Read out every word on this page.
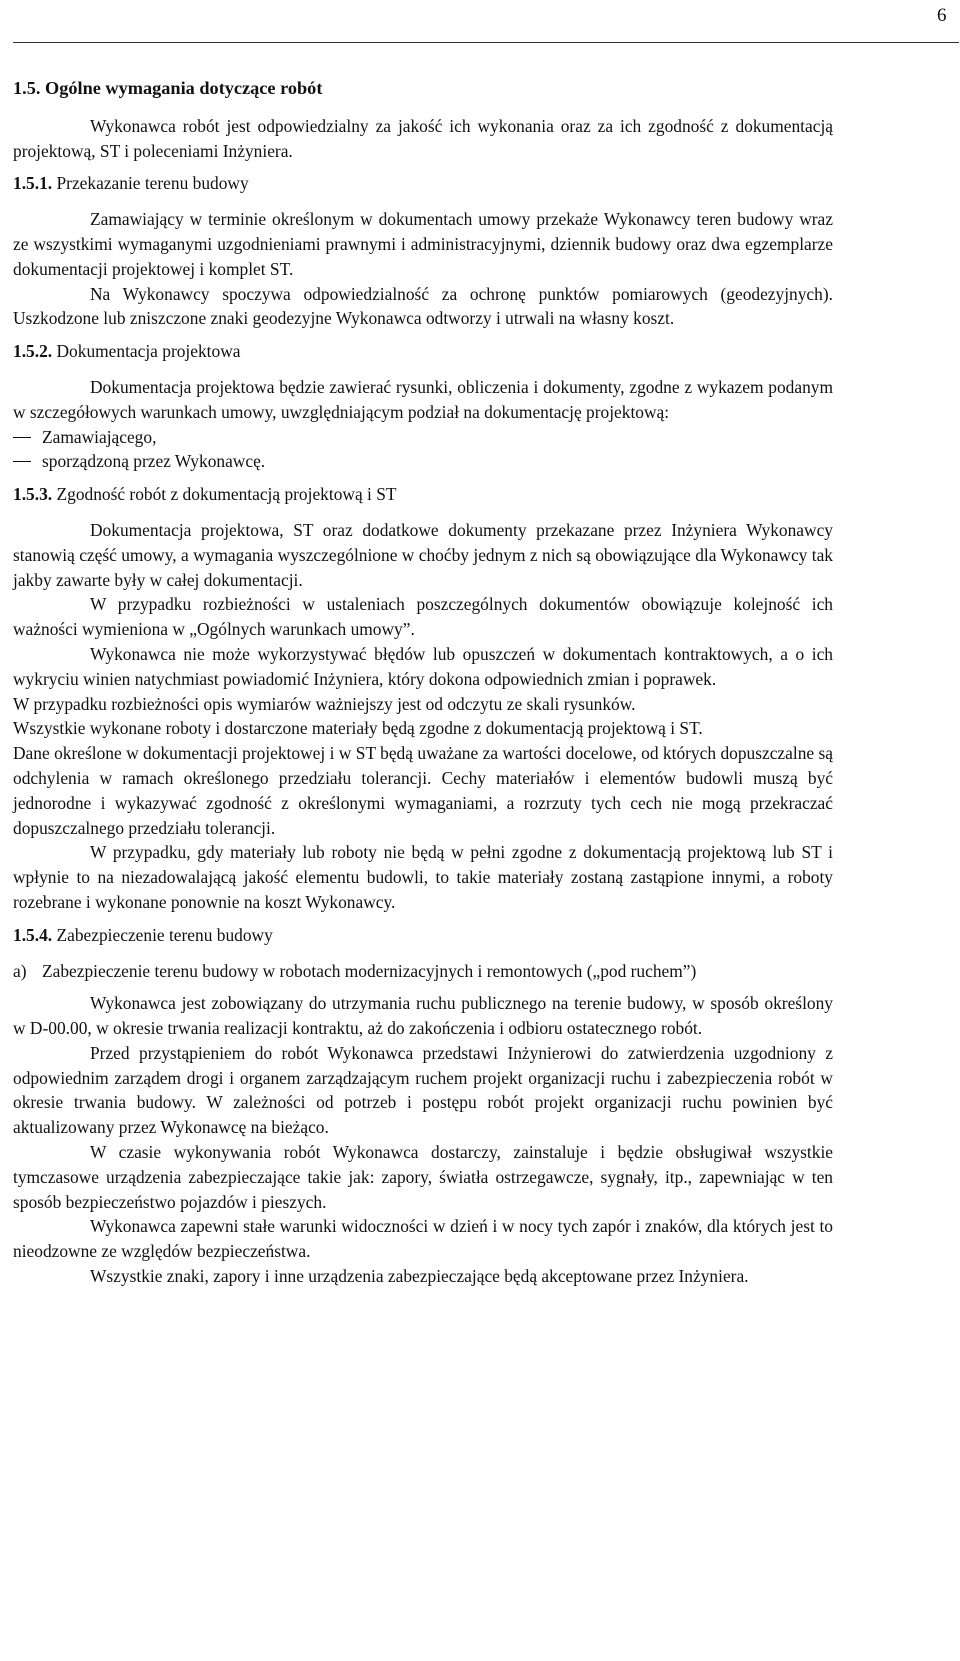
6
1.5. Ogólne wymagania dotyczące robót

Wykonawca robót jest odpowiedzialny za jakość ich wykonania oraz za ich zgodność z dokumentacją projektową, ST i poleceniami Inżyniera.

1.5.1. Przekazanie terenu budowy

Zamawiający w terminie określonym w dokumentach umowy przekaże Wykonawcy teren budowy wraz ze wszystkimi wymaganymi uzgodnieniami prawnymi i administracyjnymi, dziennik budowy oraz dwa egzemplarze dokumentacji projektowej i komplet ST.

Na Wykonawcy spoczywa odpowiedzialność za ochronę punktów pomiarowych (geodezyjnych). Uszkodzone lub zniszczone znaki geodezyjne Wykonawca odtworzy i utrwali na własny koszt.

1.5.2. Dokumentacja projektowa

Dokumentacja projektowa będzie zawierać rysunki, obliczenia i dokumenty, zgodne z wykazem podanym w szczegółowych warunkach umowy, uwzględniającym podział na dokumentację projektową:

Zamawiającego,

sporządzoną przez Wykonawcę.

1.5.3. Zgodność robót z dokumentacją projektową i ST

Dokumentacja projektowa, ST oraz dodatkowe dokumenty przekazane przez Inżyniera Wykonawcy stanowią część umowy, a wymagania wyszczególnione w choćby jednym z nich są obowiązujące dla Wykonawcy tak jakby zawarte były w całej dokumentacji.

W przypadku rozbieżności w ustaleniach poszczególnych dokumentów obowiązuje kolejność ich ważności wymieniona w „Ogólnych warunkach umowy”.

Wykonawca nie może wykorzystywać błędów lub opuszczeń w dokumentach kontraktowych, a o ich wykryciu winien natychmiast powiadomić Inżyniera, który dokona odpowiednich zmian i poprawek.

W przypadku rozbieżności opis wymiarów ważniejszy jest od odczytu ze skali rysunków.

Wszystkie wykonane roboty i dostarczone materiały będą zgodne z dokumentacją projektową i ST.

Dane określone w dokumentacji projektowej i w ST będą uważane za wartości docelowe, od których dopuszczalne są odchylenia w ramach określonego przedziału tolerancji. Cechy materiałów i elementów budowli muszą być jednorodne i wykazywać zgodność z określonymi wymaganiami, a rozrzuty tych cech nie mogą przekraczać dopuszczalnego przedziału tolerancji.

W przypadku, gdy materiały lub roboty nie będą w pełni zgodne z dokumentacją projektową lub ST i wpłynie to na niezadowalającą jakość elementu budowli, to takie materiały zostaną zastąpione innymi, a roboty rozebrane i wykonane ponownie na koszt Wykonawcy.

1.5.4. Zabezpieczenie terenu budowy
a) Zabezpieczenie terenu budowy w robotach modernizacyjnych i remontowych („pod ruchem”)

Wykonawca jest zobowiązany do utrzymania ruchu publicznego na terenie budowy, w sposób określony w D-00.00, w okresie trwania realizacji kontraktu, aż do zakończenia i odbioru ostatecznego robót.

Przed przystąpieniem do robót Wykonawca przedstawi Inżynierowi do zatwierdzenia uzgodniony z odpowiednim zarządem drogi i organem zarządzającym ruchem projekt organizacji ruchu i zabezpieczenia robót w okresie trwania budowy. W zależności od potrzeb i postępu robót projekt organizacji ruchu powinien być aktualizowany przez Wykonawcę na bieżąco.

W czasie wykonywania robót Wykonawca dostarczy, zainstaluje i będzie obsługiwał wszystkie tymczasowe urządzenia zabezpieczające takie jak: zapory, światła ostrzegawcze, sygnały, itp., zapewniając w ten sposób bezpieczeństwo pojazdów i pieszych.

Wykonawca zapewni stałe warunki widoczności w dzień i w nocy tych zapór i znaków, dla których jest to nieodzowne ze względów bezpieczeństwa.

Wszystkie znaki, zapory i inne urządzenia zabezpieczające będą akceptowane przez Inżyniera.
